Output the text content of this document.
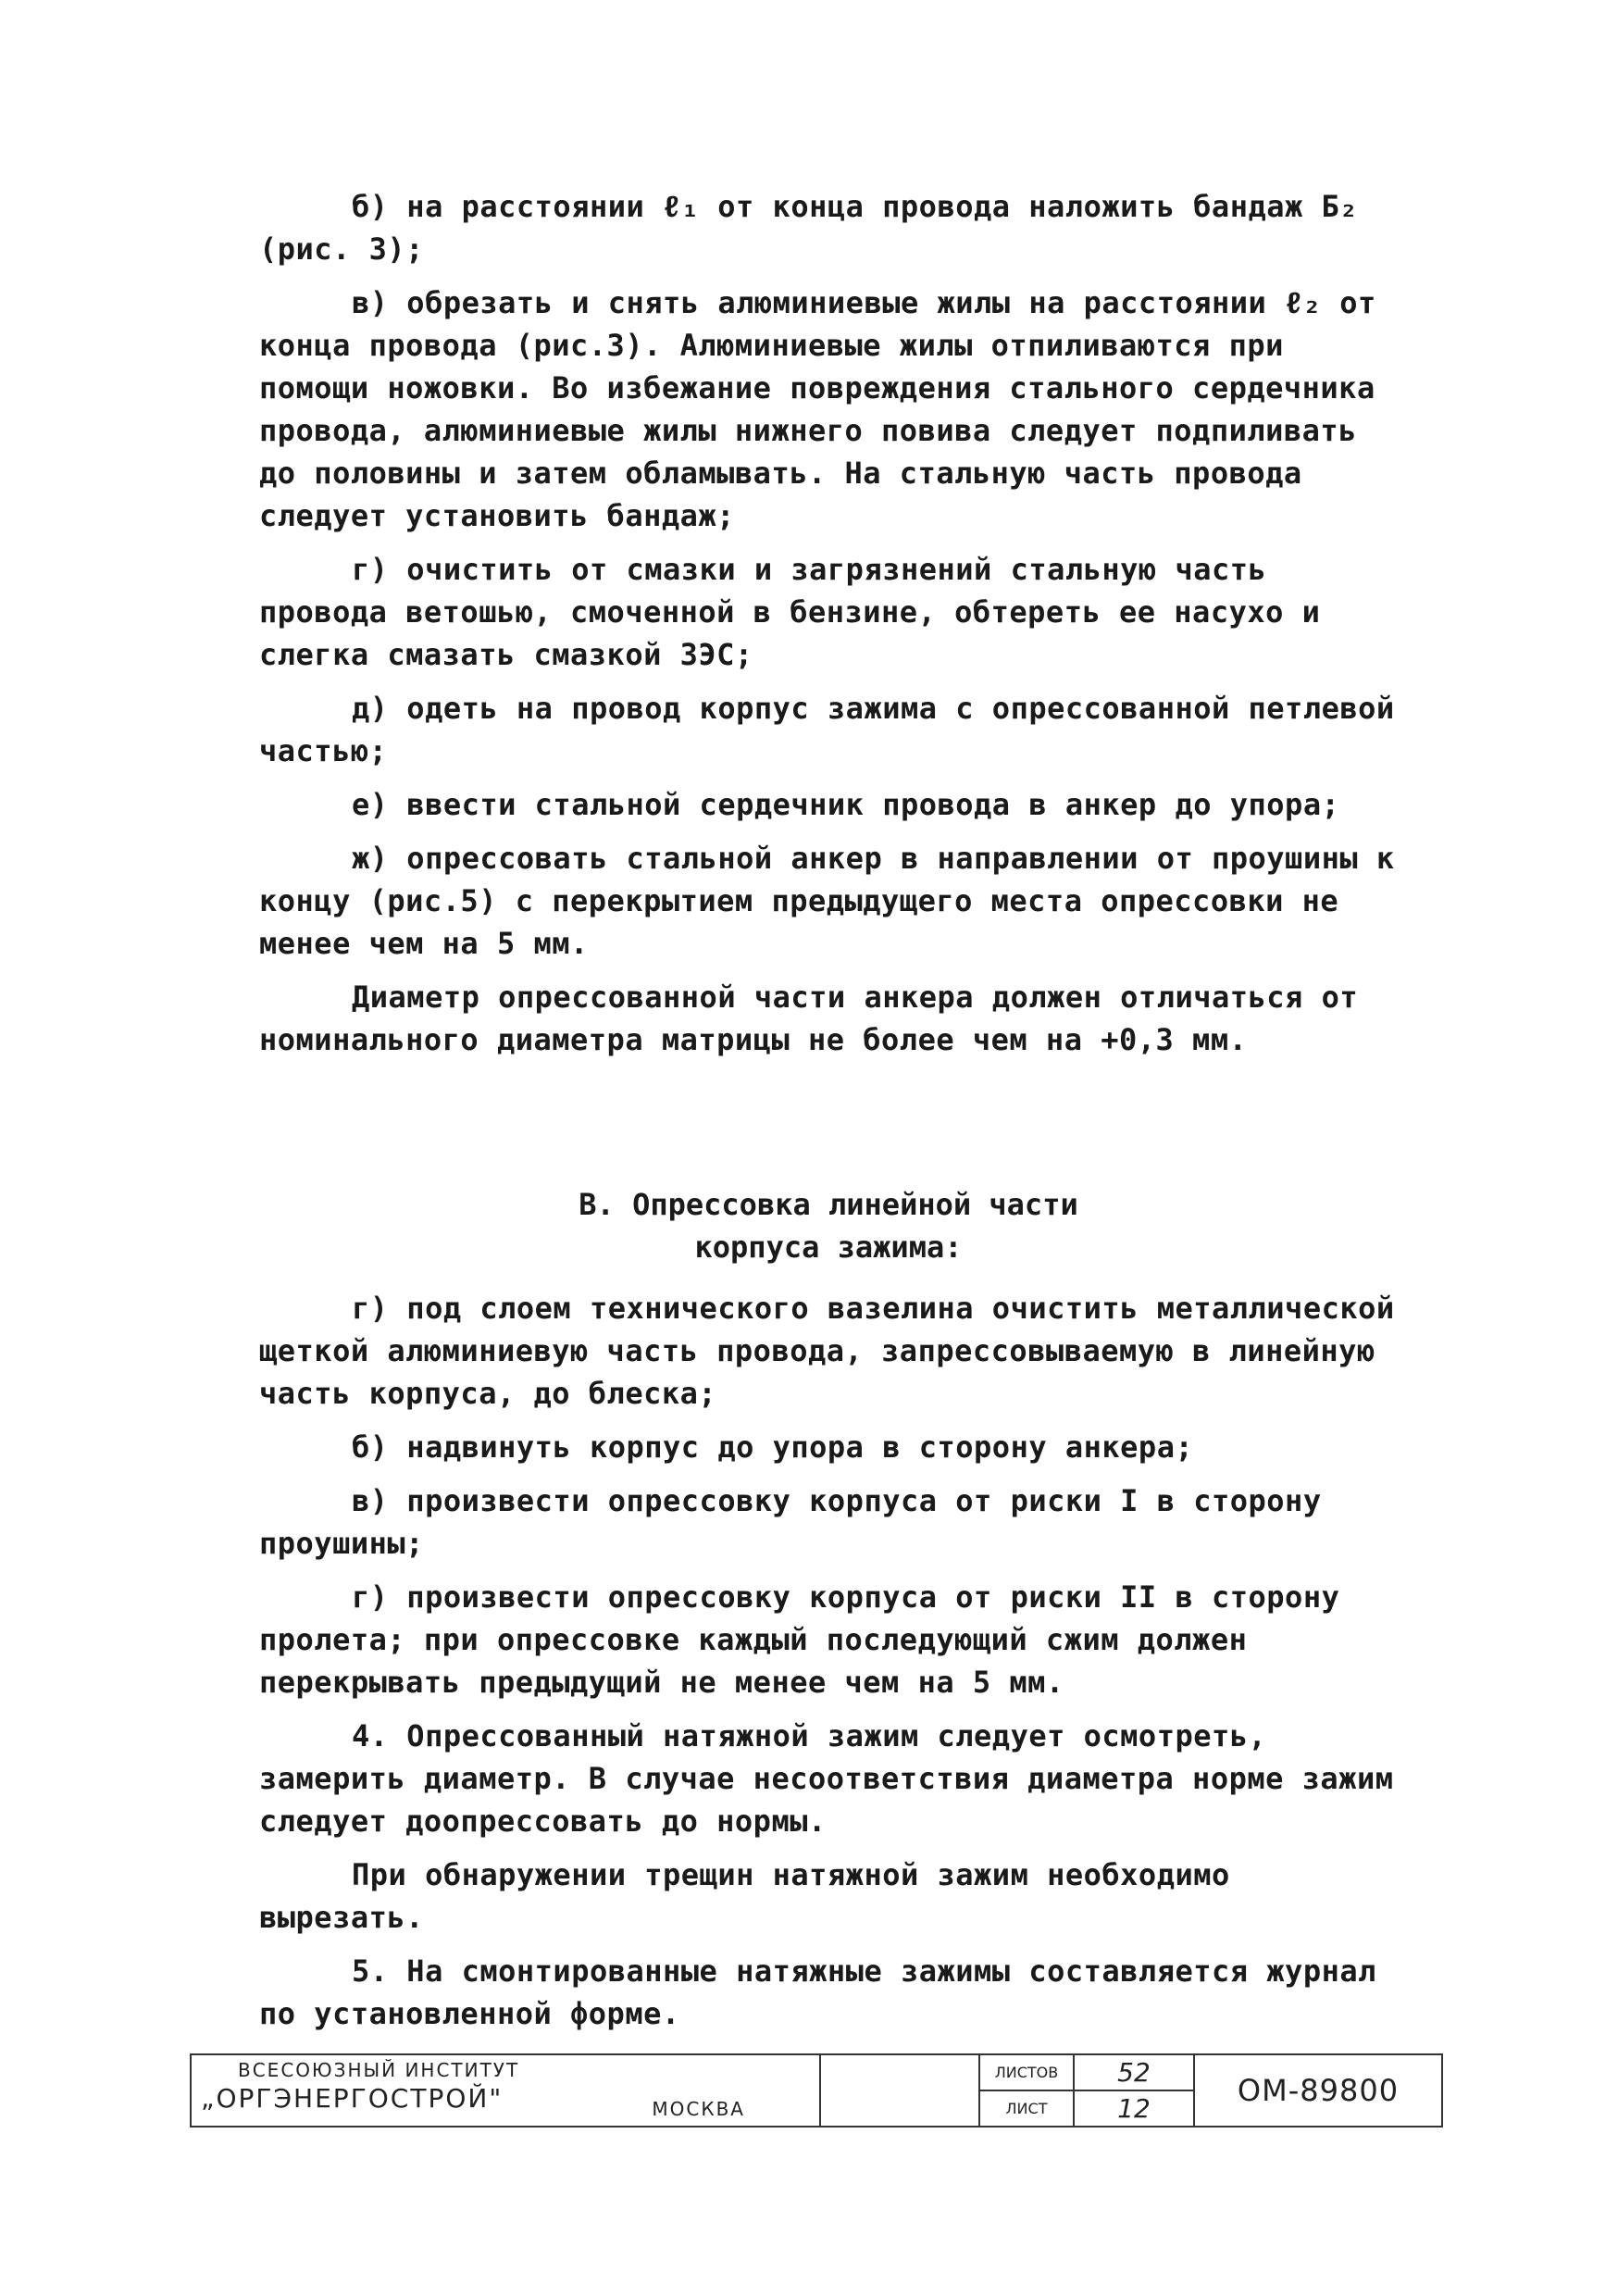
б) на расстоянии ℓ₁ от конца провода наложить бандаж Б₂ (рис. 3);

в) обрезать и снять алюминиевые жилы на расстоянии ℓ₂ от конца провода (рис.3). Алюминиевые жилы отпиливаются при помощи ножовки. Во избежание повреждения стального сердечника провода, алюминиевые жилы нижнего повива следует подпиливать до половины и затем обламывать. На стальную часть провода следует установить бандаж;

г) очистить от смазки и загрязнений стальную часть провода ветошью, смоченной в бензине, обтереть ее насухо и слегка смазать смазкой ЗЭС;

д) одеть на провод корпус зажима с опрессованной петлевой частью;

е) ввести стальной сердечник провода в анкер до упора;

ж) опрессовать стальной анкер в направлении от проушины к концу (рис.5) с перекрытием предыдущего места опрессовки не менее чем на 5 мм.

Диаметр опрессованной части анкера должен отличаться от номинального диаметра матрицы не более чем на +0,3 мм.

В. Опрессовка линейной части
корпуса зажима:

г) под слоем технического вазелина очистить металлической щеткой алюминиевую часть провода, запрессовываемую в линейную часть корпуса, до блеска;

б) надвинуть корпус до упора в сторону анкера;

в) произвести опрессовку корпуса от риски I в сторону проушины;

г) произвести опрессовку корпуса от риски II в сторону пролета; при опрессовке каждый последующий сжим должен перекрывать предыдущий не менее чем на 5 мм.

4. Опрессованный натяжной зажим следует осмотреть, замерить диаметр. В случае несоответствия диаметра норме зажим следует доопрессовать до нормы.

При обнаружении трещин натяжной зажим необходимо вырезать.

5. На смонтированные натяжные зажимы составляется журнал по установленной форме.

ВСЕСОЮЗНЫЙ ИНСТИТУТ
„ОРГЭНЕРГОСТРОЙ"	МОСКВА
ЛИСТОВ	52
ЛИСТ	12
ОМ-89800
